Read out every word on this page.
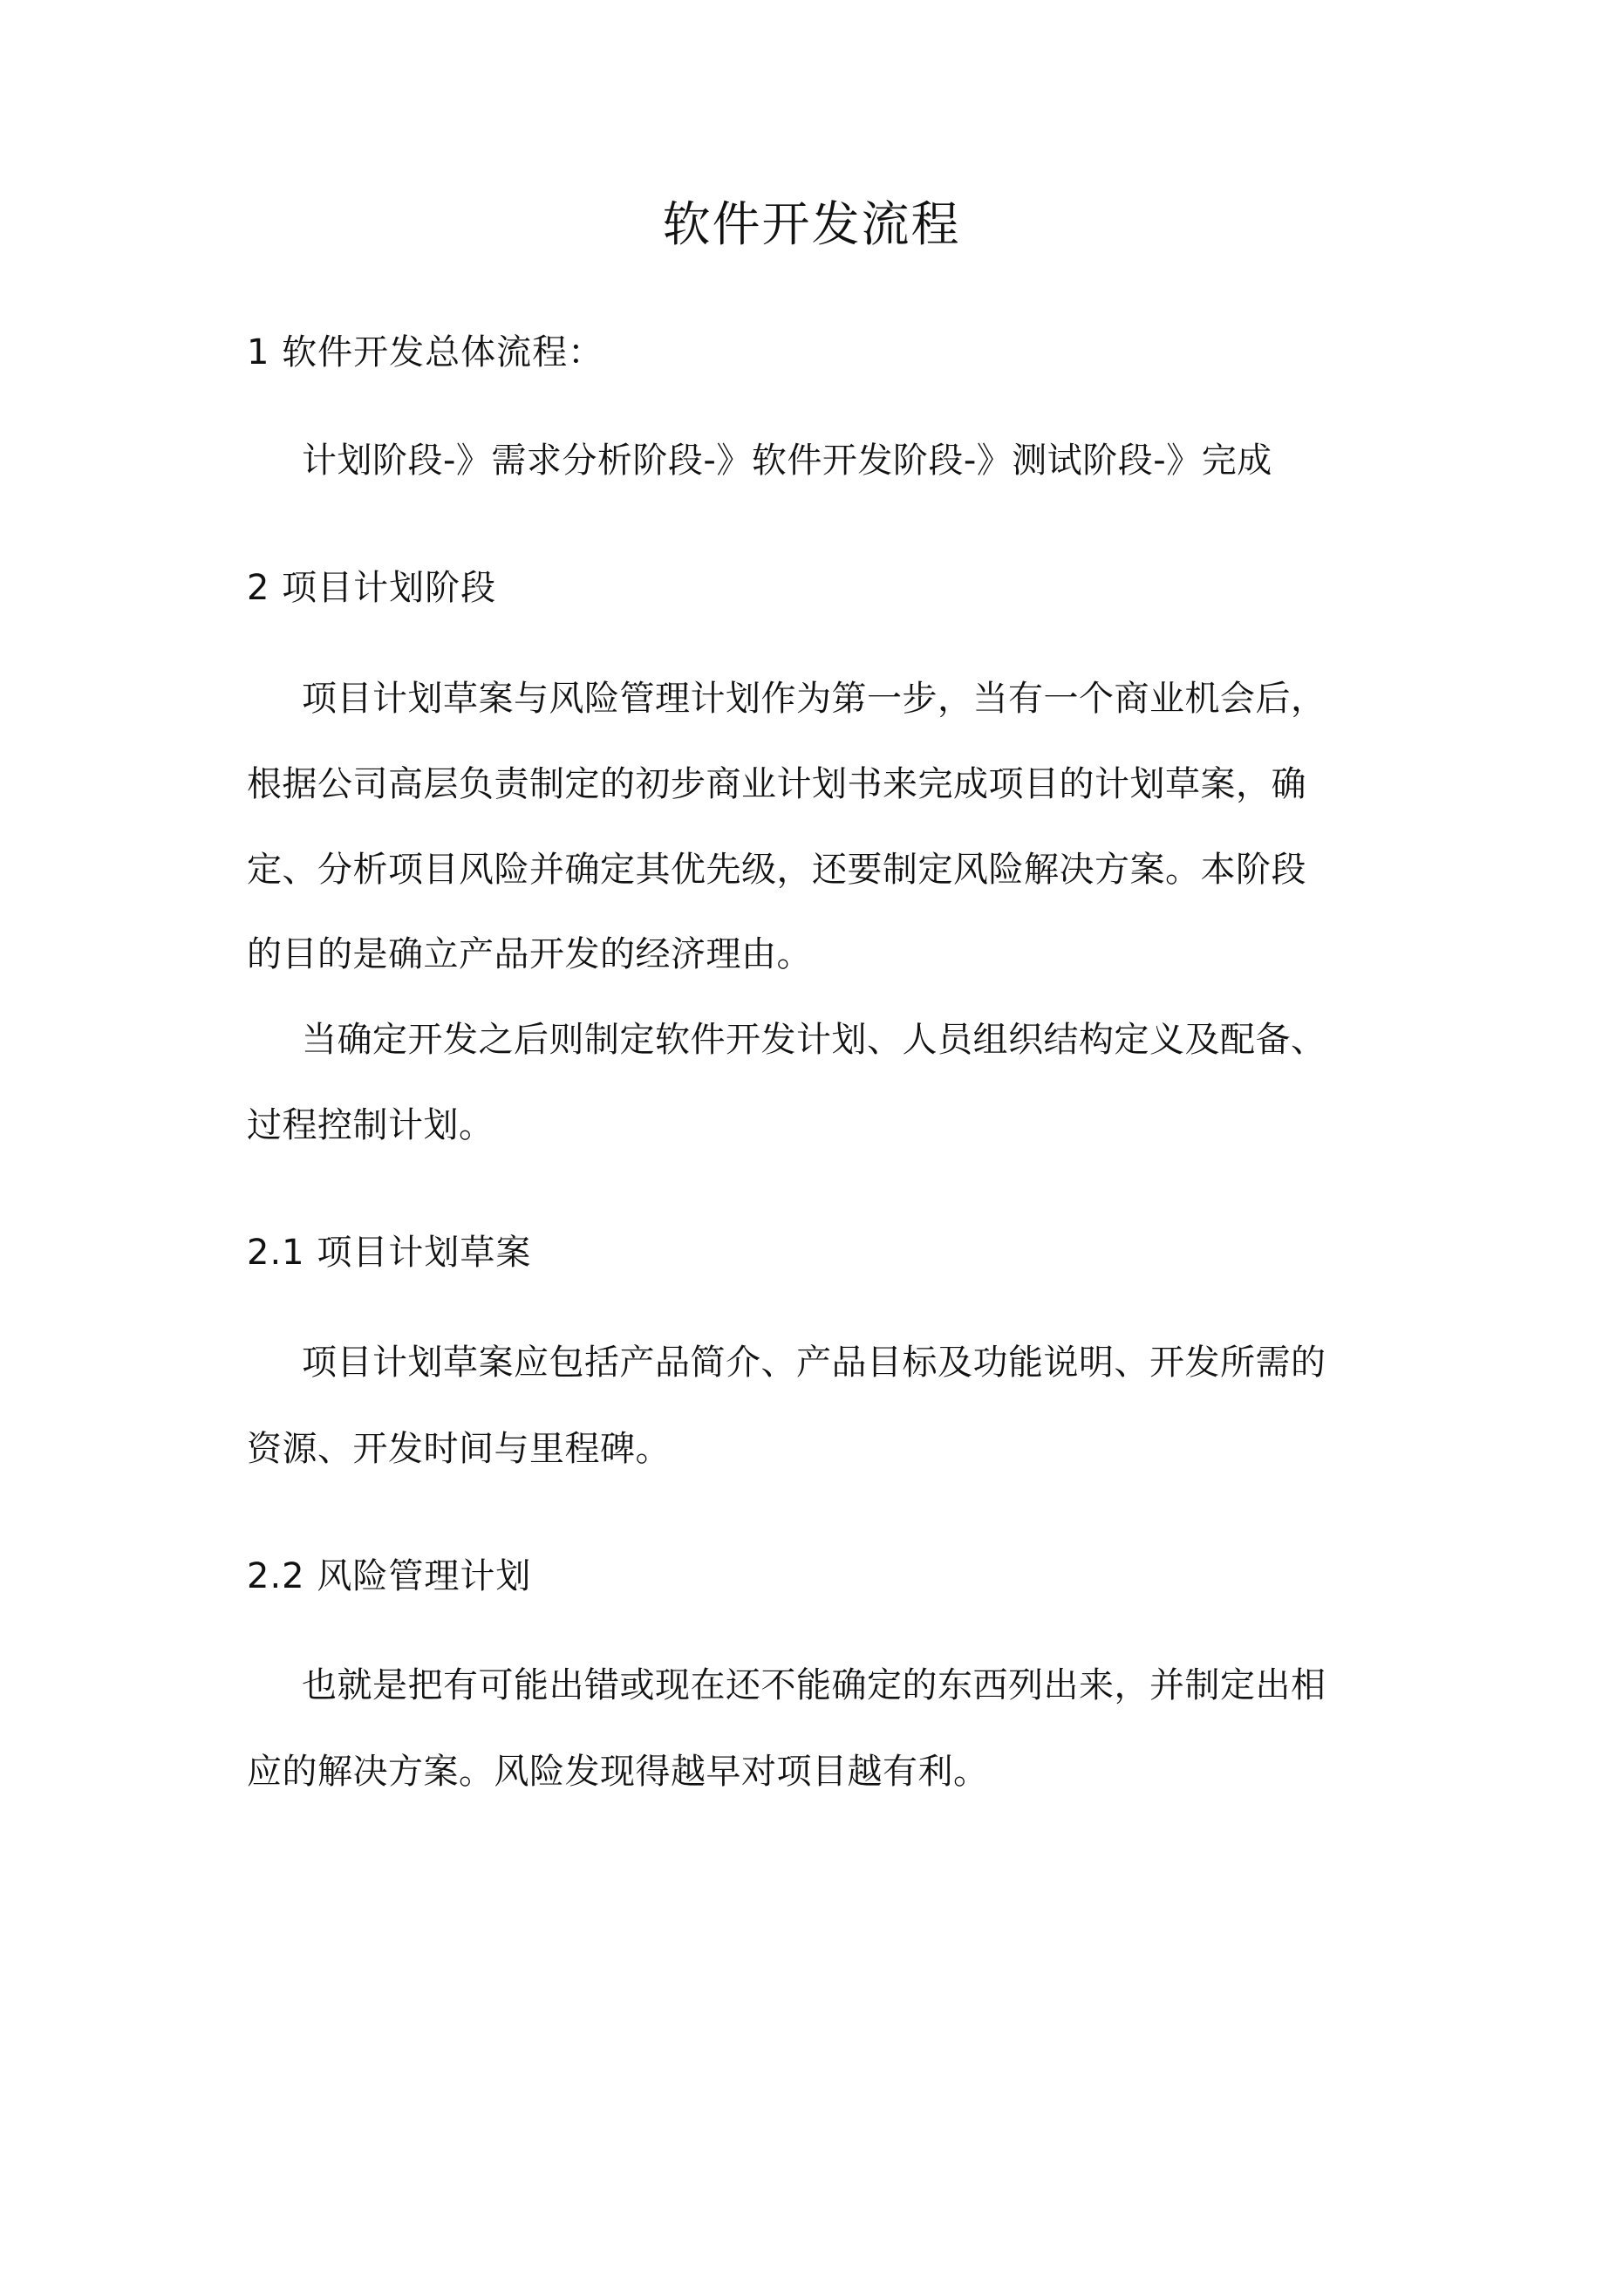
软件开发流程
1 软件开发总体流程：
计划阶段-》需求分析阶段-》软件开发阶段-》测试阶段-》完成
2 项目计划阶段
项目计划草案与风险管理计划作为第一步，当有一个商业机会后，
根据公司高层负责制定的初步商业计划书来完成项目的计划草案，确
定、分析项目风险并确定其优先级，还要制定风险解决方案。本阶段
的目的是确立产品开发的经济理由。
当确定开发之后则制定软件开发计划、人员组织结构定义及配备、
过程控制计划。
2.1 项目计划草案
项目计划草案应包括产品简介、产品目标及功能说明、开发所需的
资源、开发时间与里程碑。
2.2 风险管理计划
也就是把有可能出错或现在还不能确定的东西列出来，并制定出相
应的解决方案。风险发现得越早对项目越有利。
